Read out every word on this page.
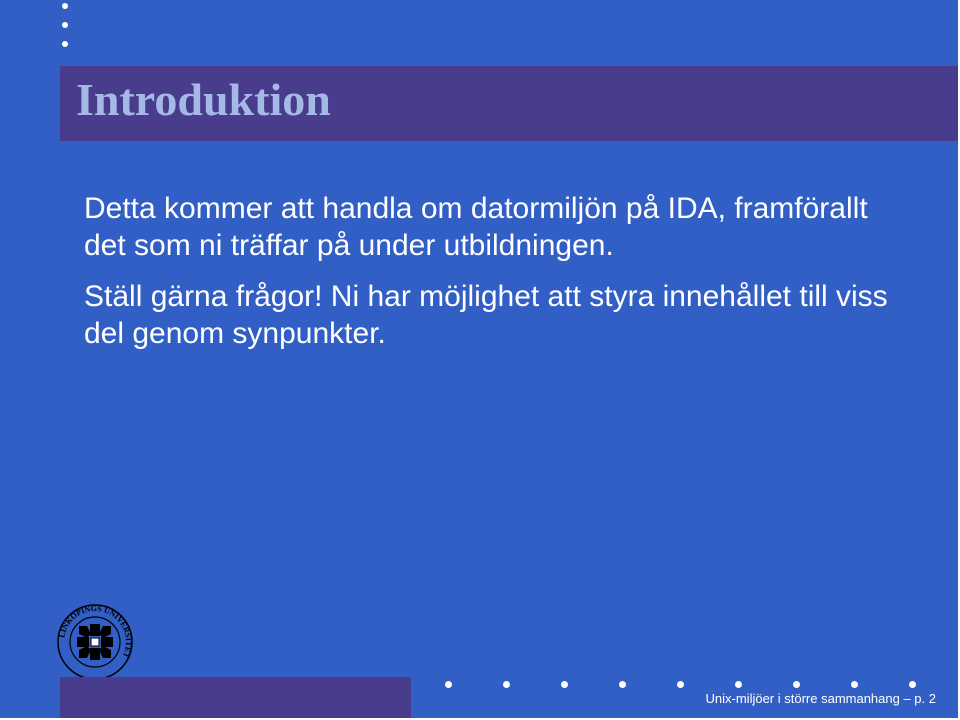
Introduktion

Detta kommer att handla om datormiljön på IDA, framförallt det som ni träffar på under utbildningen.

Ställ gärna frågor! Ni har möjlighet att styra innehållet till viss del genom synpunkter.

LINKÖPINGS UNIVERSITET
Unix-miljöer i större sammanhang – p. 2
